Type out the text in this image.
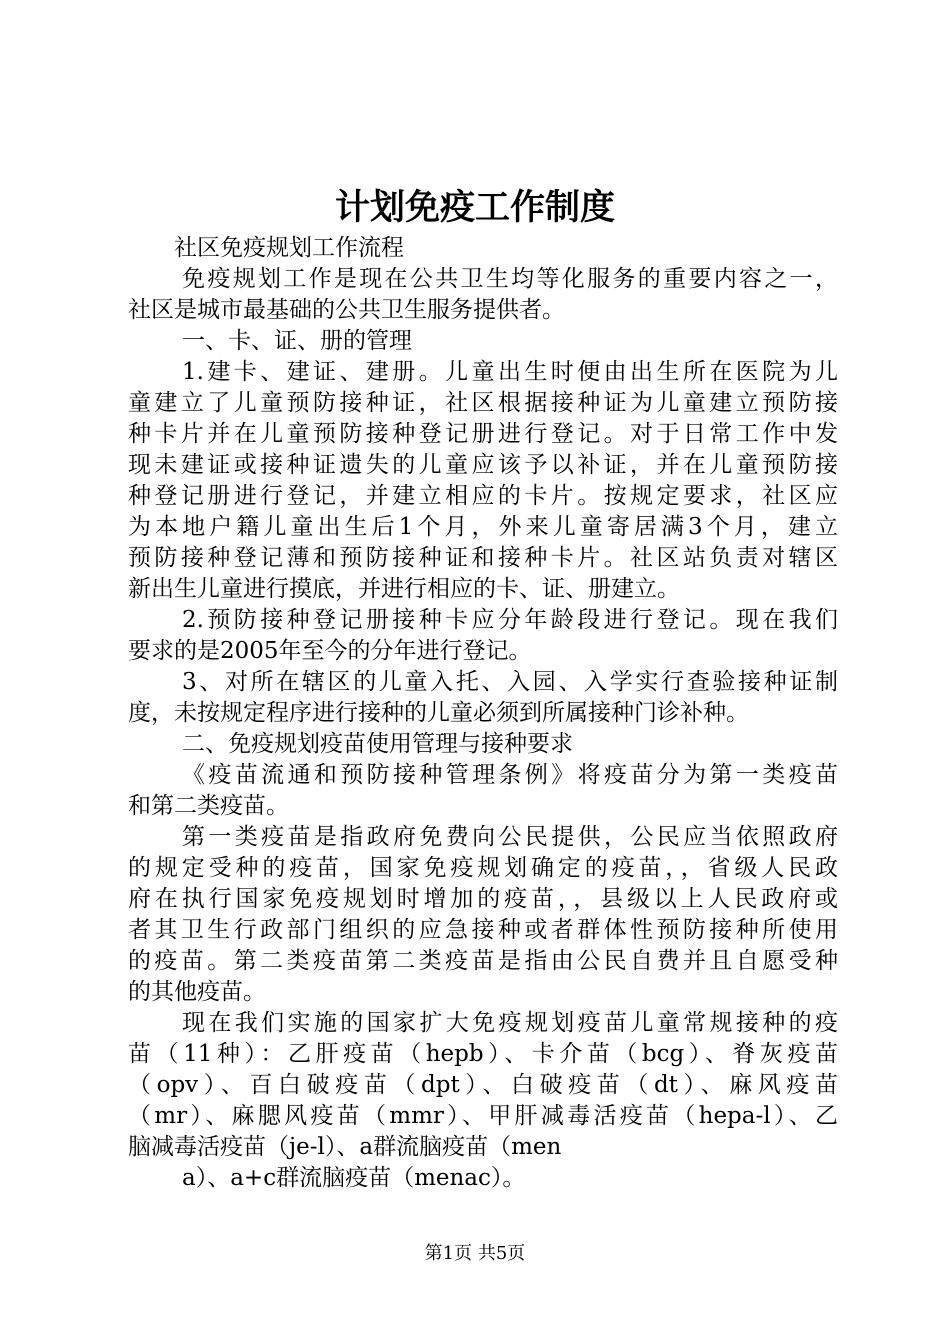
计划免疫工作制度
社区免疫规划工作流程
免疫规划工作是现在公共卫生均等化服务的重要内容之一，
社区是城市最基础的公共卫生服务提供者。
一、卡、证、册的管理
1.建卡、建证、建册。儿童出生时便由出生所在医院为儿
童建立了儿童预防接种证，社区根据接种证为儿童建立预防接
种卡片并在儿童预防接种登记册进行登记。对于日常工作中发
现未建证或接种证遗失的儿童应该予以补证，并在儿童预防接
种登记册进行登记，并建立相应的卡片。按规定要求，社区应
为本地户籍儿童出生后1个月，外来儿童寄居满3个月，建立
预防接种登记薄和预防接种证和接种卡片。社区站负责对辖区
新出生儿童进行摸底，并进行相应的卡、证、册建立。
2.预防接种登记册接种卡应分年龄段进行登记。现在我们
要求的是2005年至今的分年进行登记。
3、对所在辖区的儿童入托、入园、入学实行查验接种证制
度，未按规定程序进行接种的儿童必须到所属接种门诊补种。
二、免疫规划疫苗使用管理与接种要求
《疫苗流通和预防接种管理条例》将疫苗分为第一类疫苗
和第二类疫苗。
第一类疫苗是指政府免费向公民提供，公民应当依照政府
的规定受种的疫苗，国家免疫规划确定的疫苗，，省级人民政
府在执行国家免疫规划时增加的疫苗，，县级以上人民政府或
者其卫生行政部门组织的应急接种或者群体性预防接种所使用
的疫苗。第二类疫苗第二类疫苗是指由公民自费并且自愿受种
的其他疫苗。
现在我们实施的国家扩大免疫规划疫苗儿童常规接种的疫
苗（11种）：乙肝疫苗（hepb）、卡介苗（bcg）、脊灰疫苗
（opv）、百白破疫苗（dpt）、白破疫苗（dt）、麻风疫苗
（mr）、麻腮风疫苗（mmr）、甲肝减毒活疫苗（hepa-l）、乙
脑减毒活疫苗（je-l）、a群流脑疫苗（men
a）、a+c群流脑疫苗（menac）。
第1页 共5页
